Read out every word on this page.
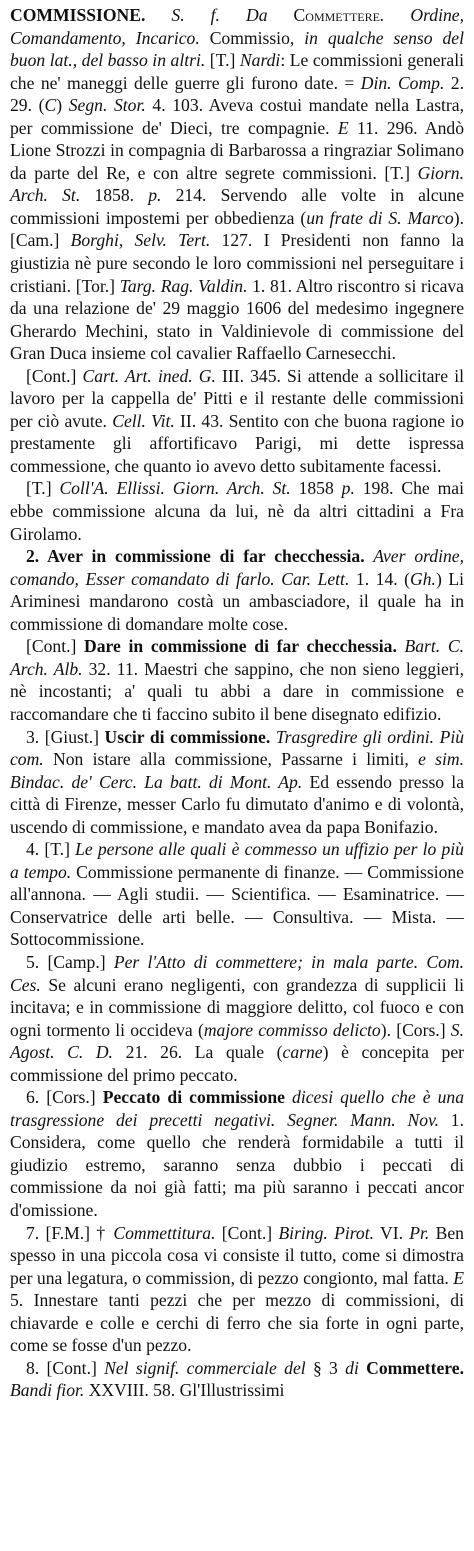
COMMISSIONE. S. f. Da Commettere. Ordine, Comandamento, Incarico. Commissio, in qualche senso del buon lat., del basso in altri. [T.] Nardi: Le commissioni generali che ne' maneggi delle guerre gli furono date. = Din. Comp. 2. 29. (C) Segn. Stor. 4. 103. Aveva costui mandate nella Lastra, per commissione de' Dieci, tre compagnie. E 11. 296. Andò Lione Strozzi in compagnia di Barbarossa a ringraziar Solimano da parte del Re, e con altre segrete commissioni. [T.] Giorn. Arch. St. 1858. p. 214. Servendo alle volte in alcune commissioni impostemi per obbedienza (un frate di S. Marco). [Cam.] Borghi, Selv. Tert. 127. I Presidenti non fanno la giustizia nè pure secondo le loro commissioni nel perseguitare i cristiani. [Tor.] Targ. Rag. Valdin. 1. 81. Altro riscontro si ricava da una relazione de' 29 maggio 1606 del medesimo ingegnere Gherardo Mechini, stato in Valdinievole di commissione del Gran Duca insieme col cavalier Raffaello Carnesecchi.
[Cont.] Cart. Art. ined. G. III. 345. Si attende a sollicitare il lavoro per la cappella de' Pitti e il restante delle commissioni per ciò avute. Cell. Vit. II. 43. Sentito con che buona ragione io prestamente gli affortificavo Parigi, mi dette ispressa commessione, che quanto io avevo detto subitamente facessi.
[T.] Coll'A. Ellissi. Giorn. Arch. St. 1858 p. 198. Che mai ebbe commissione alcuna da lui, nè da altri cittadini a Fra Girolamo.
2. Aver in commissione di far checchessia. Aver ordine, comando, Esser comandato di farlo. Car. Lett. 1. 14. (Gh.) Li Ariminesi mandarono costà un ambasciadore, il quale ha in commissione di domandare molte cose.
[Cont.] Dare in commissione di far checchessia. Bart. C. Arch. Alb. 32. 11. Maestri che sappino, che non sieno leggieri, nè incostanti; a' quali tu abbi a dare in commissione e raccomandare che ti faccino subito il bene disegnato edifizio.
3. [Giust.] Uscir di commissione. Trasgredire gli ordini. Più com. Non istare alla commissione, Passarne i limiti, e sim. Bindac. de' Cerc. La batt. di Mont. Ap. Ed essendo presso la città di Firenze, messer Carlo fu dimutato d'animo e di volontà, uscendo di commissione, e mandato avea da papa Bonifazio.
4. [T.] Le persone alle quali è commesso un uffizio per lo più a tempo. Commissione permanente di finanze. — Commissione all'annona. — Agli studii. — Scientifica. — Esaminatrice. — Conservatrice delle arti belle. — Consultiva. — Mista. — Sottocommissione.
5. [Camp.] Per l'Atto di commettere; in mala parte. Com. Ces. Se alcuni erano negligenti, con grandezza di supplicii li incitava; e in commissione di maggiore delitto, col fuoco e con ogni tormento li occideva (majore commisso delicto). [Cors.] S. Agost. C. D. 21. 26. La quale (carne) è concepita per commissione del primo peccato.
6. [Cors.] Peccato di commissione dicesi quello che è una trasgressione dei precetti negativi. Segner. Mann. Nov. 1. Considera, come quello che renderà formidabile a tutti il giudizio estremo, saranno senza dubbio i peccati di commissione da noi già fatti; ma più saranno i peccati ancor d'omissione.
7. [F.M.] † Commettitura. [Cont.] Biring. Pirot. VI. Pr. Ben spesso in una piccola cosa vi consiste il tutto, come si dimostra per una legatura, o commission, di pezzo congionto, mal fatta. E 5. Innestare tanti pezzi che per mezzo di commissioni, di chiavarde e colle e cerchi di ferro che sia forte in ogni parte, come se fosse d'un pezzo.
8. [Cont.] Nel signif. commerciale del § 3 di Commettere. Bandi fior. XXVIII. 58. Gl'Illustrissimi
